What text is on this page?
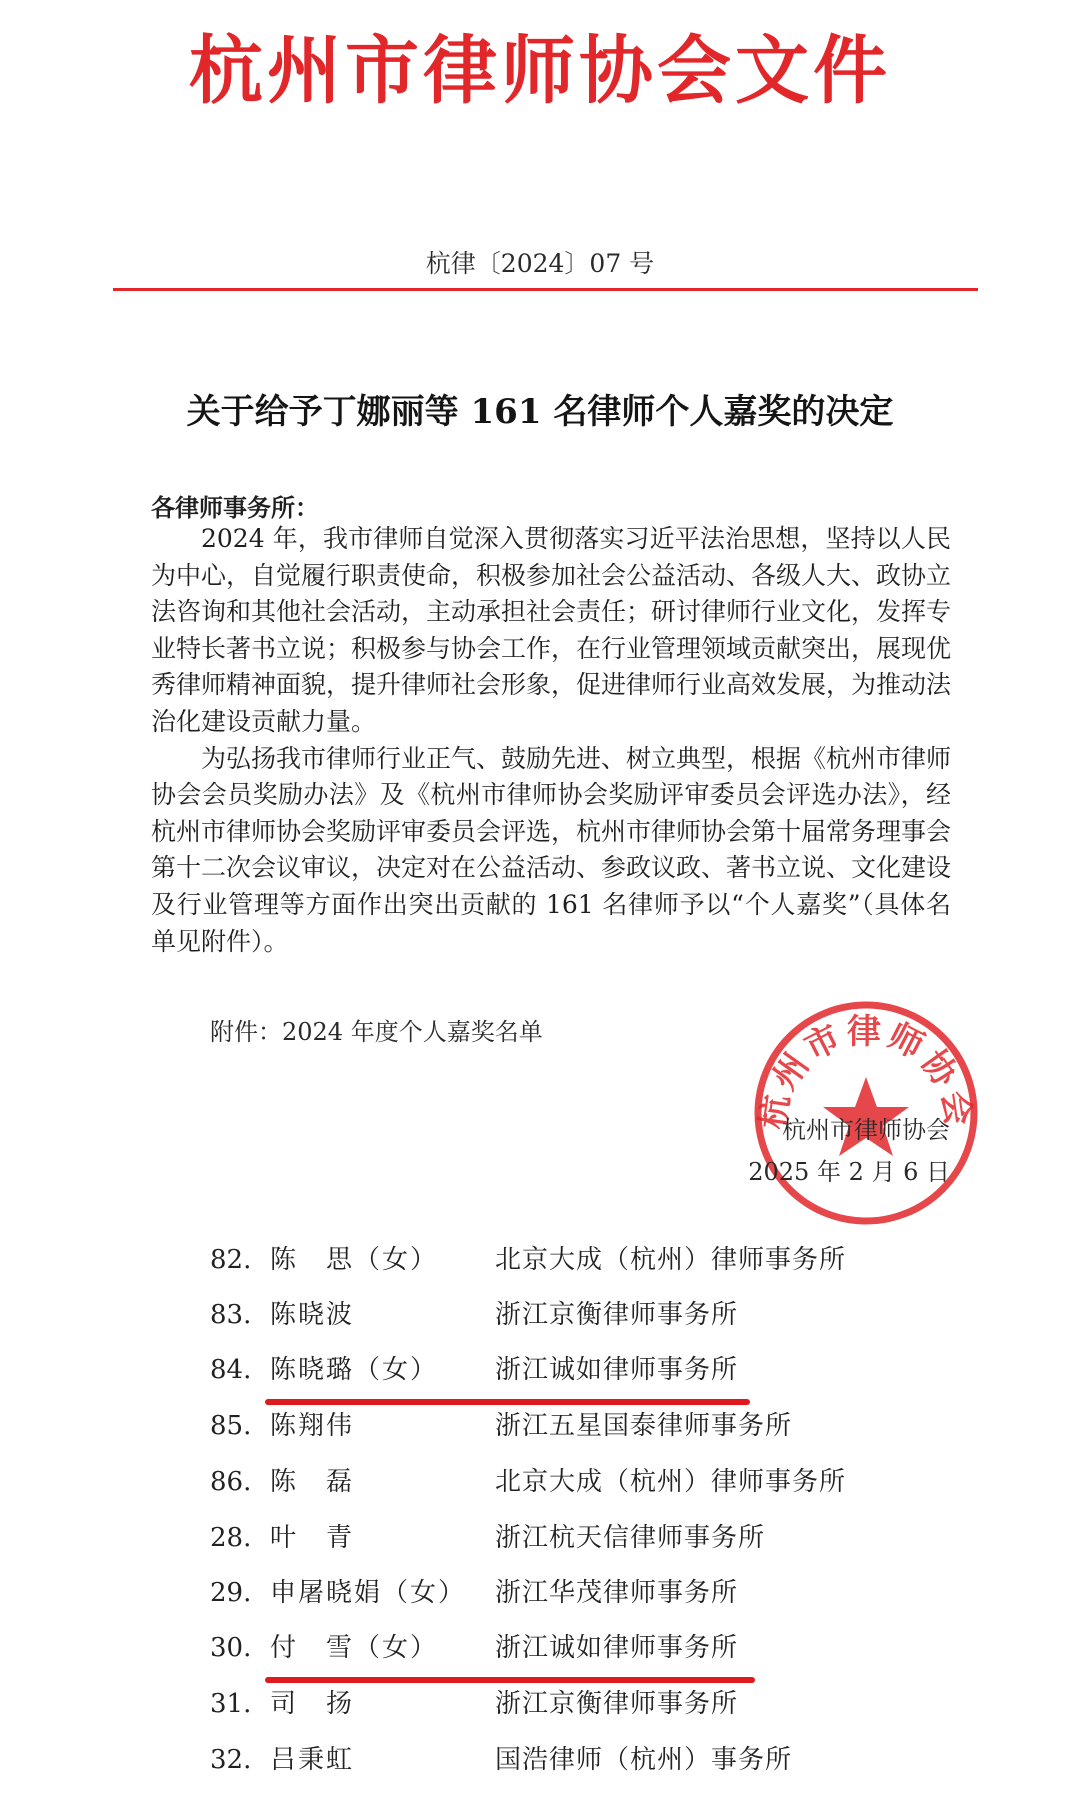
杭州市律师协会文件
杭律〔2024〕07 号
关于给予丁娜丽等 161 名律师个人嘉奖的决定
各律师事务所：

2024 年，我市律师自觉深入贯彻落实习近平法治思想，坚持以人民为中心，自觉履行职责使命，积极参加社会公益活动、各级人大、政协立法咨询和其他社会活动，主动承担社会责任；研讨律师行业文化，发挥专业特长著书立说；积极参与协会工作，在行业管理领域贡献突出，展现优秀律师精神面貌，提升律师社会形象，促进律师行业高效发展，为推动法治化建设贡献力量。

为弘扬我市律师行业正气、鼓励先进、树立典型，根据《杭州市律师协会会员奖励办法》及《杭州市律师协会奖励评审委员会评选办法》，经杭州市律师协会奖励评审委员会评选，杭州市律师协会第十届常务理事会第十二次会议审议，决定对在公益活动、参政议政、著书立说、文化建设及行业管理等方面作出突出贡献的 161 名律师予以“个人嘉奖”（具体名单见附件）。

附件：2024 年度个人嘉奖名单
杭州市律师协会
杭州市律师协会
2025 年 2 月 6 日
82. 陈　思（女） 北京大成（杭州）律师事务所
83. 陈晓波	浙江京衡律师事务所
84. 陈晓璐（女） 浙江诚如律师事务所
85. 陈翔伟	浙江五星国泰律师事务所
86. 陈　磊	北京大成（杭州）律师事务所
28. 叶　青	浙江杭天信律师事务所
29. 申屠晓娟（女） 浙江华茂律师事务所
30. 付　雪（女） 浙江诚如律师事务所
31. 司　扬	浙江京衡律师事务所
32. 吕秉虹	国浩律师（杭州）事务所
